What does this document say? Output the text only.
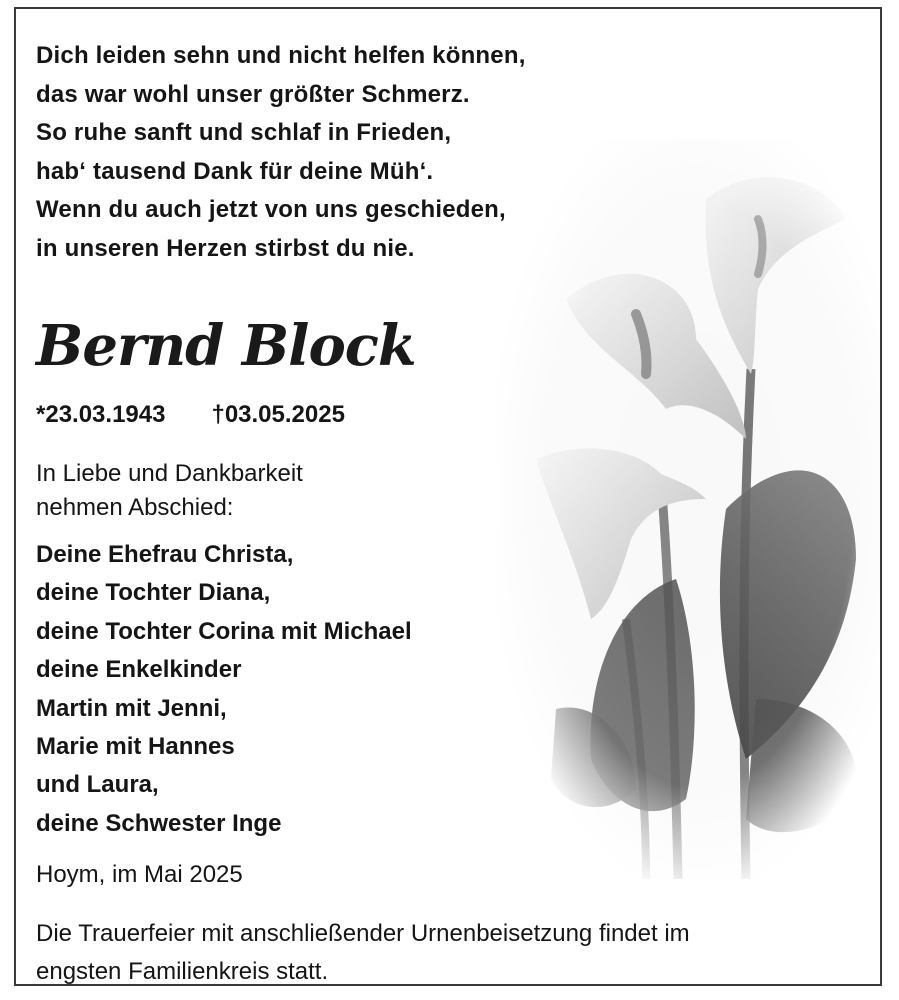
Dich leiden sehn und nicht helfen können,
das war wohl unser größter Schmerz.
So ruhe sanft und schlaf in Frieden,
hab‘ tausend Dank für deine Müh‘.
Wenn du auch jetzt von uns geschieden,
in unseren Herzen stirbst du nie.
Bernd Block
*23.03.1943 †03.05.2025
In Liebe und Dankbarkeit
nehmen Abschied:
Deine Ehefrau Christa,
deine Tochter Diana,
deine Tochter Corina mit Michael
deine Enkelkinder
Martin mit Jenni,
Marie mit Hannes
und Laura,
deine Schwester Inge
Hoym, im Mai 2025
Die Trauerfeier mit anschließender Urnenbeisetzung findet im
engsten Familienkreis statt.
